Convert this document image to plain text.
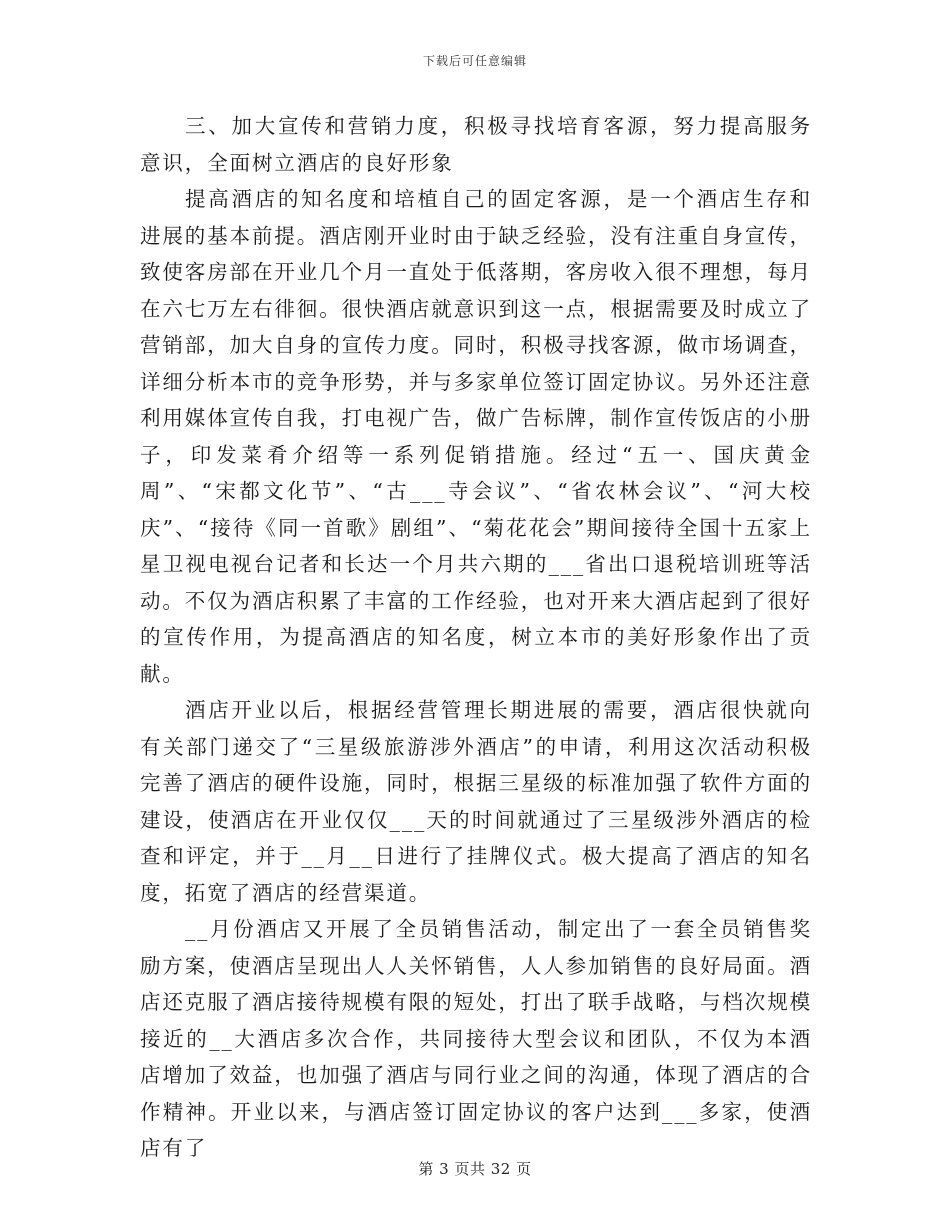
下载后可任意编辑

三、加大宣传和营销力度，积极寻找培育客源，努力提高服务意识，全面树立酒店的良好形象

提高酒店的知名度和培植自己的固定客源，是一个酒店生存和进展的基本前提。酒店刚开业时由于缺乏经验，没有注重自身宣传，致使客房部在开业几个月一直处于低落期，客房收入很不理想，每月在六七万左右徘徊。很快酒店就意识到这一点，根据需要及时成立了营销部，加大自身的宣传力度。同时，积极寻找客源，做市场调查，详细分析本市的竞争形势，并与多家单位签订固定协议。另外还注意利用媒体宣传自我，打电视广告，做广告标牌，制作宣传饭店的小册子，印发菜肴介绍等一系列促销措施。经过“五一、国庆黄金周”、“宋都文化节”、“古___寺会议”、“省农林会议”、“河大校庆”、“接待《同一首歌》剧组”、“菊花花会”期间接待全国十五家上星卫视电视台记者和长达一个月共六期的___省出口退税培训班等活动。不仅为酒店积累了丰富的工作经验，也对开来大酒店起到了很好的宣传作用，为提高酒店的知名度，树立本市的美好形象作出了贡献。

酒店开业以后，根据经营管理长期进展的需要，酒店很快就向有关部门递交了“三星级旅游涉外酒店”的申请，利用这次活动积极完善了酒店的硬件设施，同时，根据三星级的标准加强了软件方面的建设，使酒店在开业仅仅___天的时间就通过了三星级涉外酒店的检查和评定，并于__月__日进行了挂牌仪式。极大提高了酒店的知名度，拓宽了酒店的经营渠道。

__月份酒店又开展了全员销售活动，制定出了一套全员销售奖励方案，使酒店呈现出人人关怀销售，人人参加销售的良好局面。酒店还克服了酒店接待规模有限的短处，打出了联手战略，与档次规模接近的__大酒店多次合作，共同接待大型会议和团队，不仅为本酒店增加了效益，也加强了酒店与同行业之间的沟通，体现了酒店的合作精神。开业以来，与酒店签订固定协议的客户达到___多家，使酒店有了

第 3 页共 32 页
